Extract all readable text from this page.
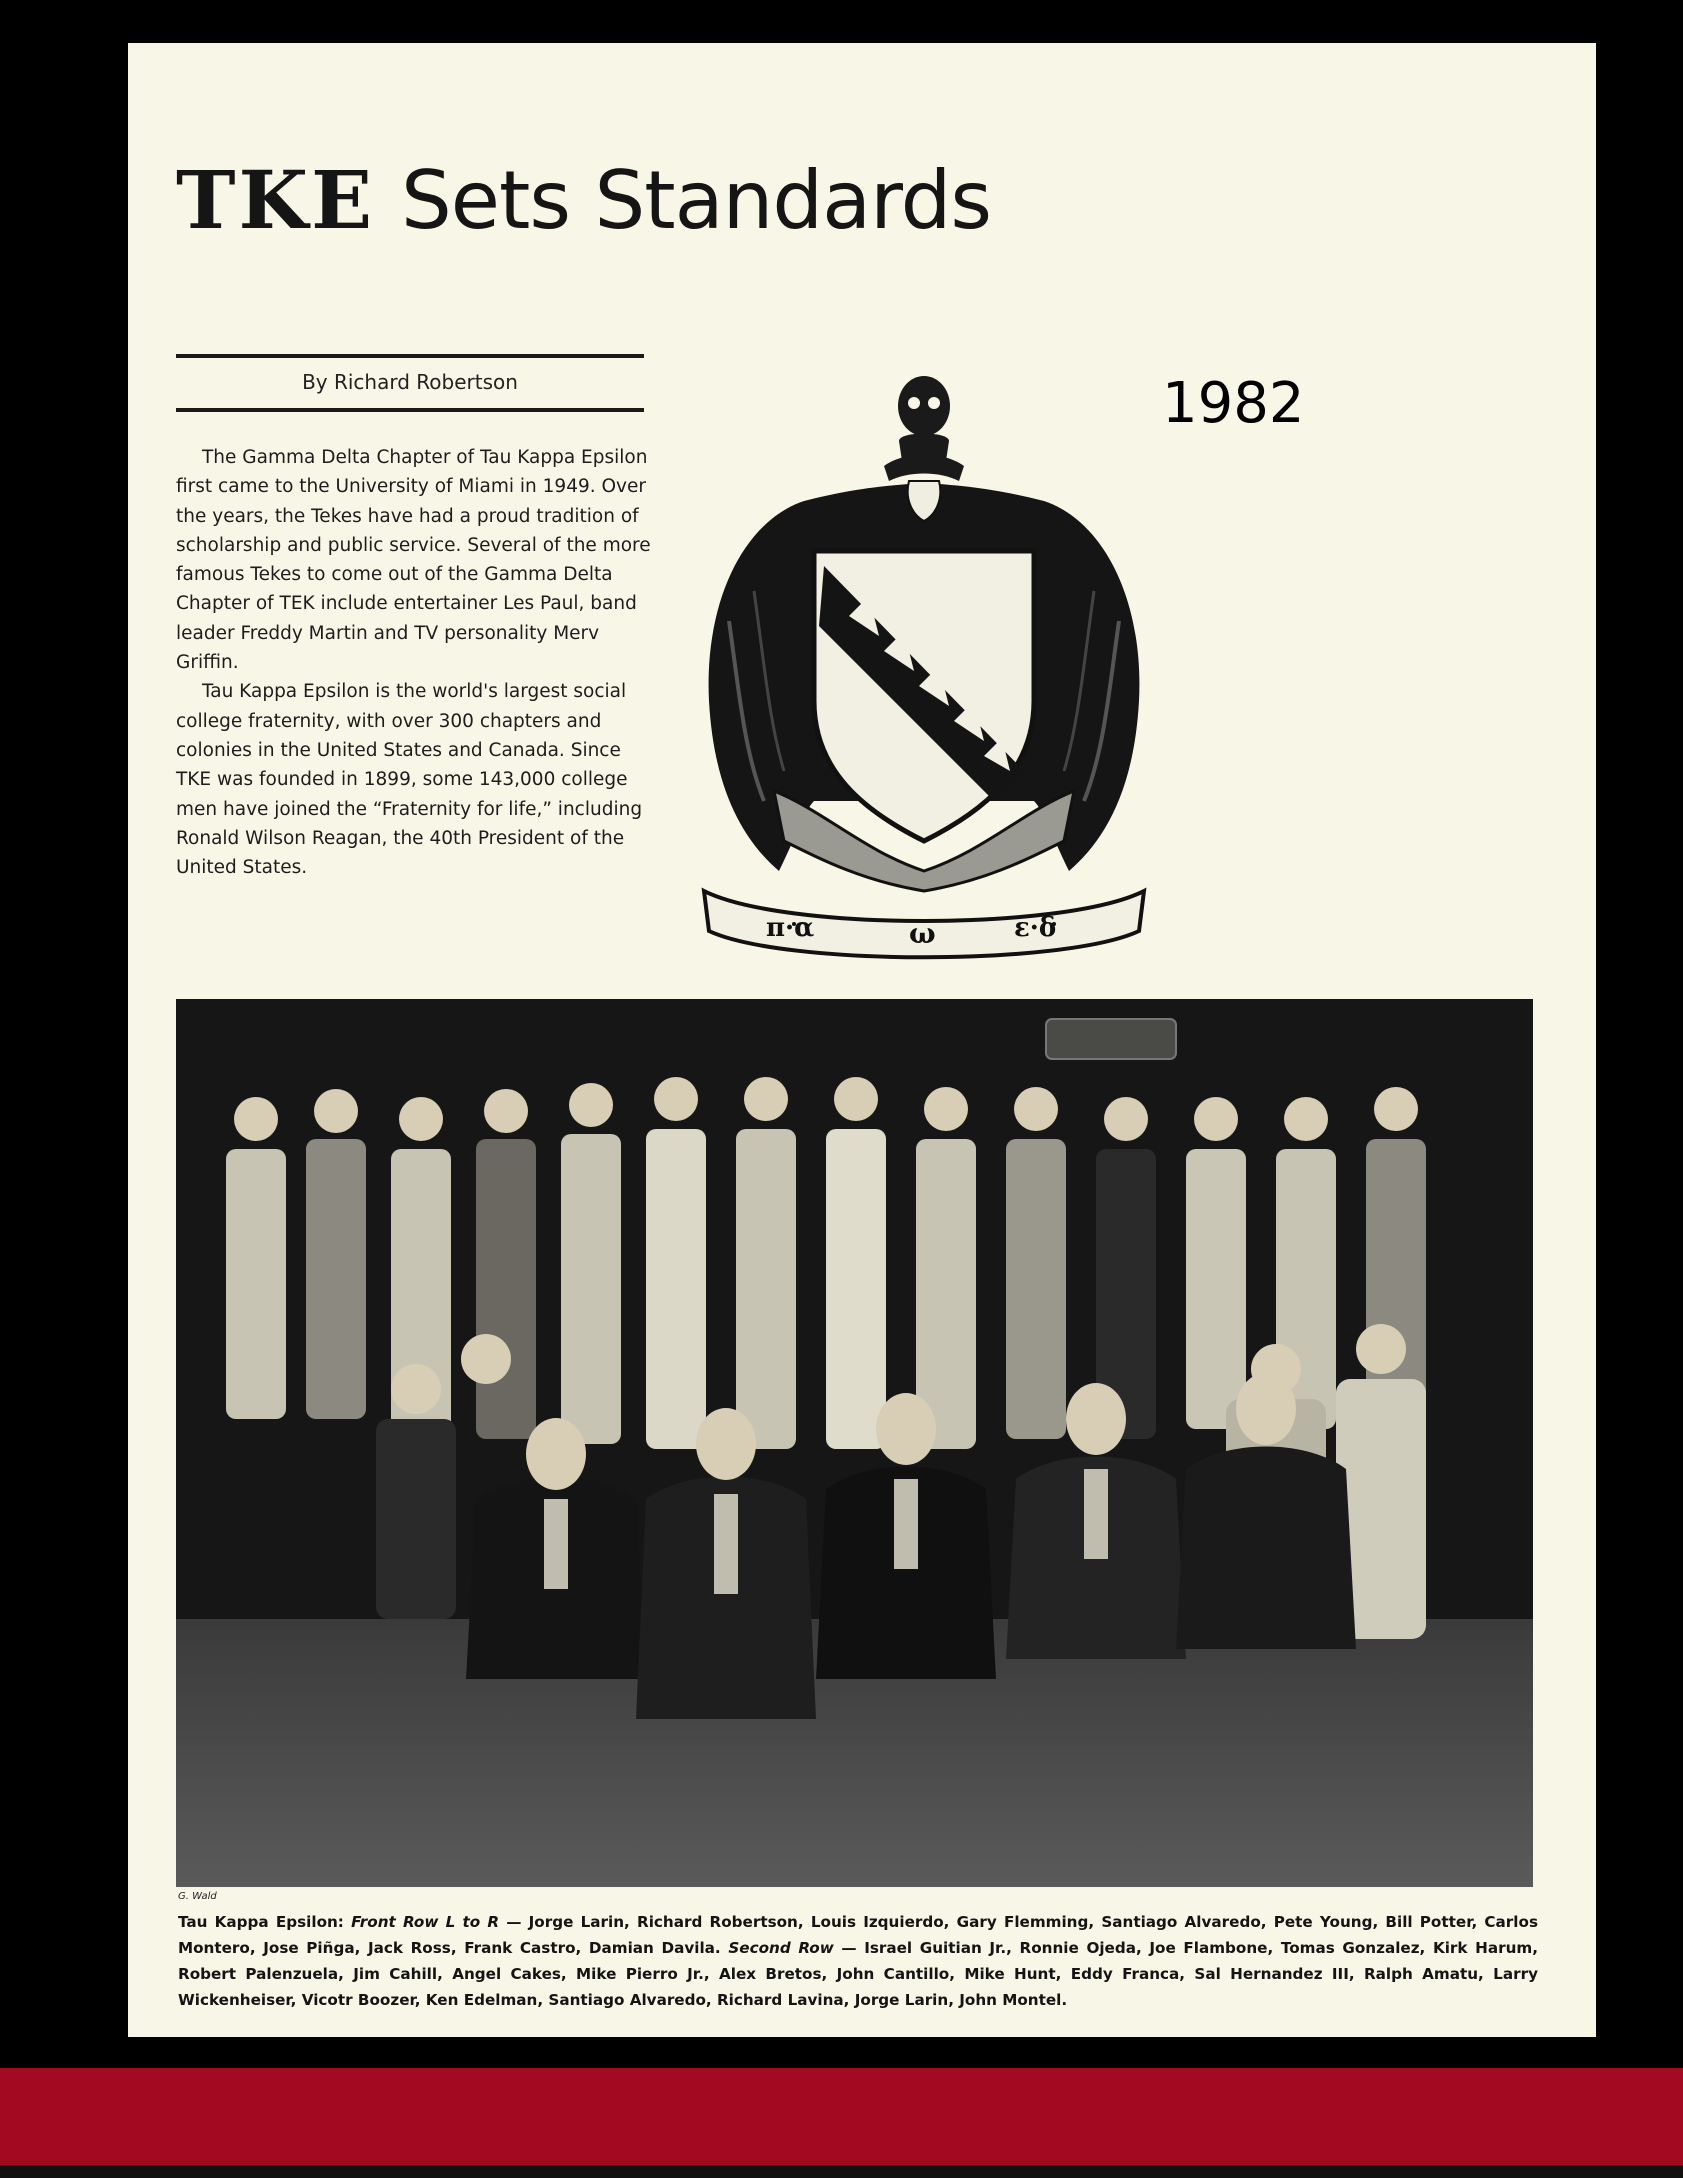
TKE Sets Standards
By Richard Robertson

The Gamma Delta Chapter of Tau Kappa Epsilon first came to the University of Miami in 1949. Over the years, the Tekes have had a proud tradition of scholarship and public service. Several of the more famous Tekes to come out of the Gamma Delta Chapter of TEK include entertainer Les Paul, band leader Freddy Martin and TV personality Merv Griffin.

Tau Kappa Epsilon is the world's largest social college fraternity, with over 300 chapters and colonies in the United States and Canada. Since TKE was founded in 1899, some 143,000 college men have joined the “Fraternity for life,” including Ronald Wilson Reagan, the 40th President of the United States.

1982
π·α	ω	ε·δ
G. Wald
Tau Kappa Epsilon: Front Row L to R — Jorge Larin, Richard Robertson, Louis Izquierdo, Gary Flemming, Santiago Alvaredo, Pete Young, Bill Potter, Carlos Montero, Jose Piñga, Jack Ross, Frank Castro, Damian Davila. Second Row — Israel Guitian Jr., Ronnie Ojeda, Joe Flambone, Tomas Gonzalez, Kirk Harum, Robert Palenzuela, Jim Cahill, Angel Cakes, Mike Pierro Jr., Alex Bretos, John Cantillo, Mike Hunt, Eddy Franca, Sal Hernandez III, Ralph Amatu, Larry Wickenheiser, Vicotr Boozer, Ken Edelman, Santiago Alvaredo, Richard Lavina, Jorge Larin, John Montel.
